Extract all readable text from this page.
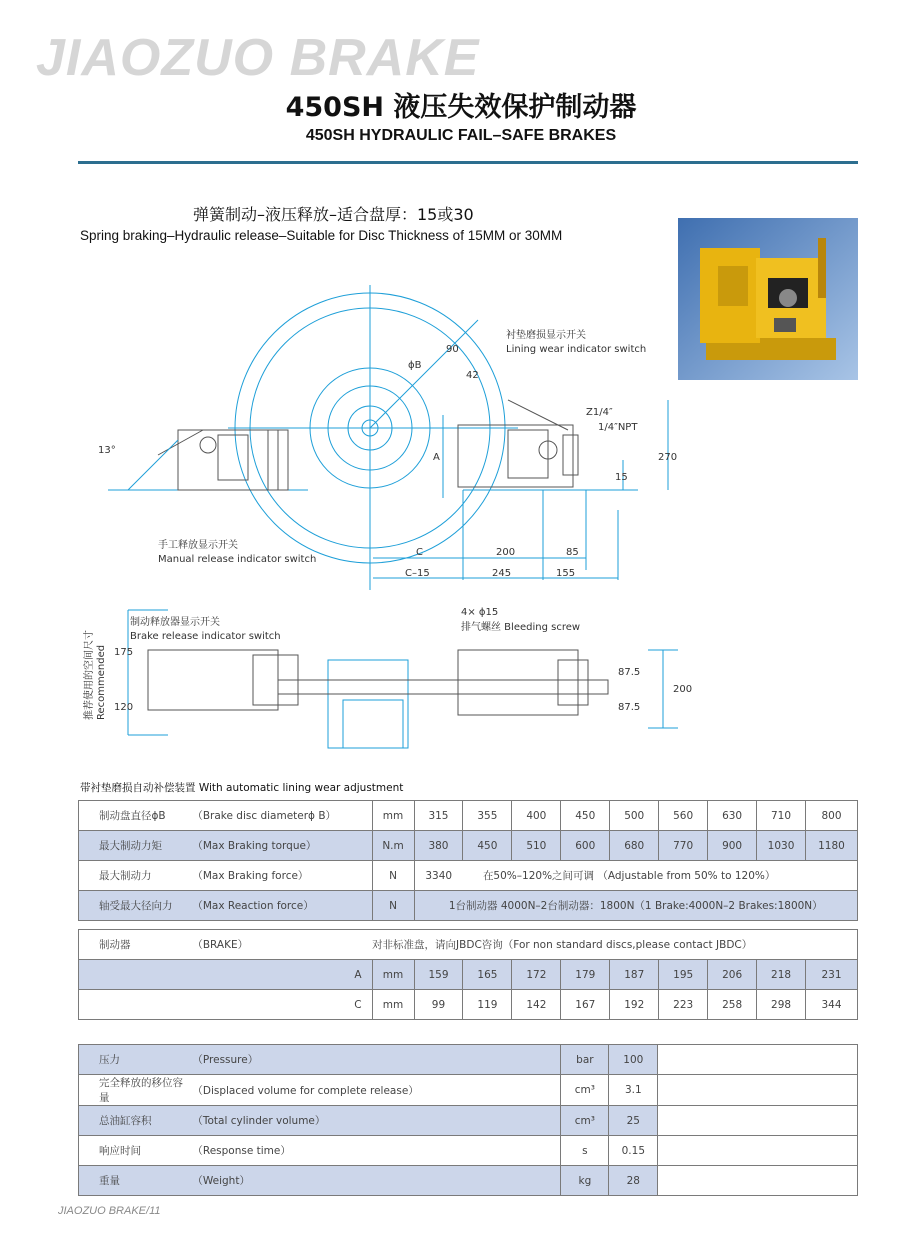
JIAOZUO BRAKE
450SH 液压失效保护制动器
450SH HYDRAULIC FAIL–SAFE BRAKES
弹簧制动–液压释放–适合盘厚：15或30
Spring braking–Hydraulic release–Suitable for Disc Thickness of 15MM or 30MM
衬垫磨损显示开关
Lining wear indicator switch
手工释放显示开关
Manual release indicator switch
制动释放器显示开关
Brake release indicator switch
4× ϕ15
排气螺丝 Bleeding screw
Z1/4″
1/4″NPT
13°
ϕB
90
42
A	270
15
C	200	85
C–15	245	155
175
120
87.5
87.5
200
推荐使用的空间尺寸 Recommended
带衬垫磨损自动补偿装置 With automatic lining wear adjustment
制动盘直径ϕB	（Brake disc diameterϕ B）	mm	315	355	400	450	500	560	630	710	800
最大制动力矩	（Max Braking torque）	N.m	380	450	510	600	680	770	900	1030	1180
最大制动力	（Max Braking force）	N	3340	在50%–120%之间可调 （Adjustable from 50% to 120%）							
轴受最大径向力	（Max Reaction force）	N	1台制动器 4000N–2台制动器：1800N（1 Brake:4000N–2 Brakes:1800N）								
制动器	（BRAKE）	对非标准盘，请向JBDC咨询（For non standard discs,please contact JBDC）									
A		mm	159	165	172	179	187	195	206	218	231
C		mm	99	119	142	167	192	223	258	298	344
压力	（Pressure）	bar	100	
完全释放的移位容量	（Displaced volume for complete release）	cm³	3.1	
总油缸容积	（Total cylinder volume）	cm³	25	
响应时间	（Response time）	s	0.15	
重量	（Weight）	kg	28	
JIAOZUO BRAKE/11
